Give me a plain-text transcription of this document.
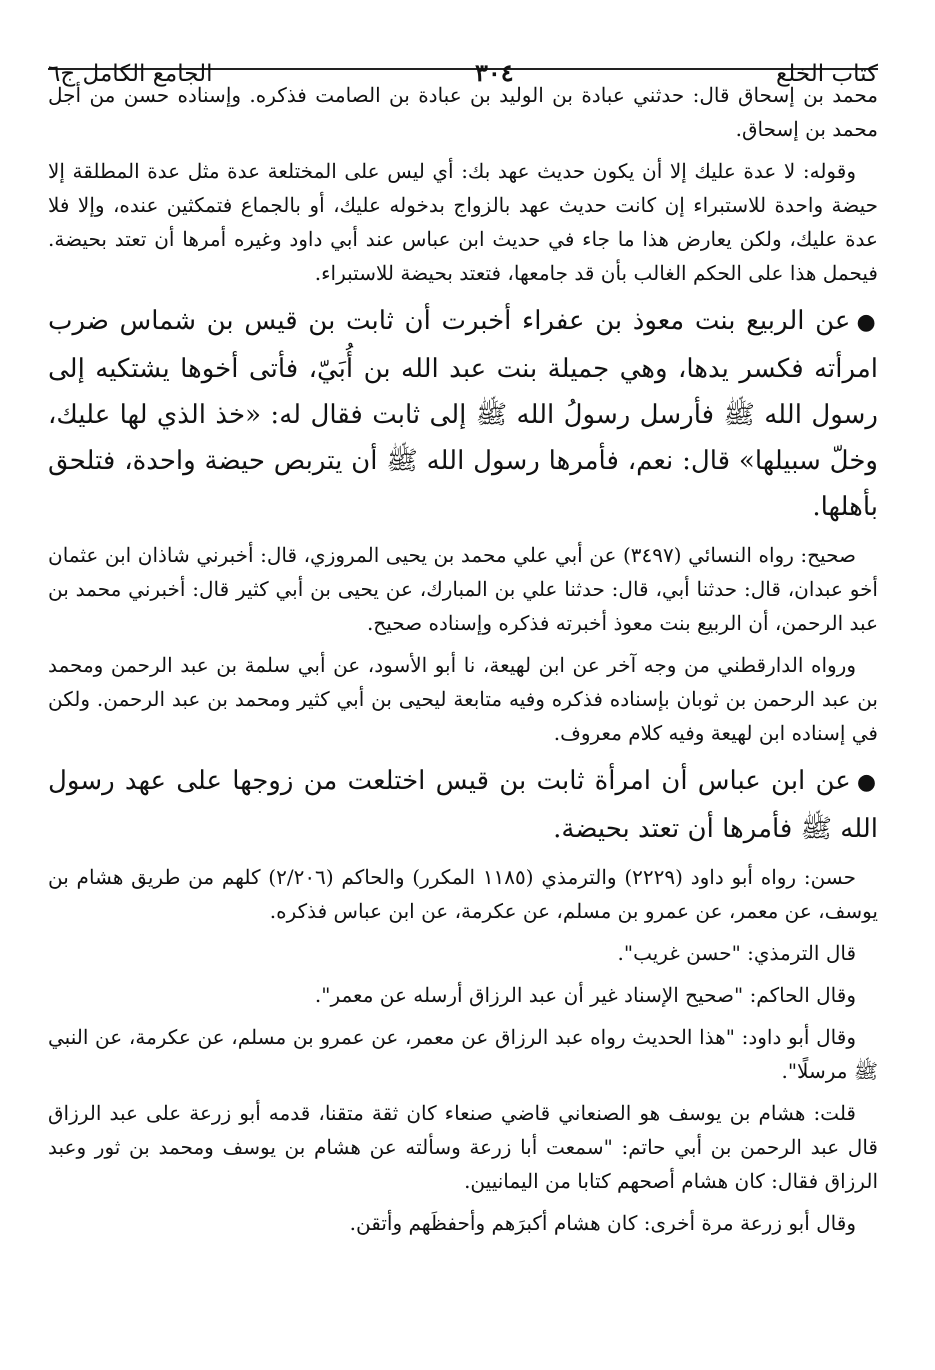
كتاب الخلع
٣٠٤
الجامع الكامل ج٦

محمد بن إسحاق قال: حدثني عبادة بن الوليد بن عبادة بن الصامت فذكره. وإسناده حسن من أجل محمد بن إسحاق.

وقوله: لا عدة عليك إلا أن يكون حديث عهد بك: أي ليس على المختلعة عدة مثل عدة المطلقة إلا حيضة واحدة للاستبراء إن كانت حديث عهد بالزواج بدخوله عليك، أو بالجماع فتمكثين عنده، وإلا فلا عدة عليك، ولكن يعارض هذا ما جاء في حديث ابن عباس عند أبي داود وغيره أمرها أن تعتد بحيضة. فيحمل هذا على الحكم الغالب بأن قد جامعها، فتعتد بحيضة للاستبراء.

●عن الربيع بنت معوذ بن عفراء أخبرت أن ثابت بن قيس بن شماس ضرب امرأته فكسر يدها، وهي جميلة بنت عبد الله بن أُبَيّ، فأتى أخوها يشتكيه إلى رسول الله ﷺ فأرسل رسولُ الله ﷺ إلى ثابت فقال له: «خذ الذي لها عليك، وخلّ سبيلها» قال: نعم، فأمرها رسول الله ﷺ أن يتربص حيضة واحدة، فتلحق بأهلها.

صحيح: رواه النسائي (٣٤٩٧) عن أبي علي محمد بن يحيى المروزي، قال: أخبرني شاذان ابن عثمان أخو عبدان، قال: حدثنا أبي، قال: حدثنا علي بن المبارك، عن يحيى بن أبي كثير قال: أخبرني محمد بن عبد الرحمن، أن الربيع بنت معوذ أخبرته فذكره وإسناده صحيح.

ورواه الدارقطني من وجه آخر عن ابن لهيعة، نا أبو الأسود، عن أبي سلمة بن عبد الرحمن ومحمد بن عبد الرحمن بن ثوبان بإسناده فذكره وفيه متابعة ليحيى بن أبي كثير ومحمد بن عبد الرحمن. ولكن في إسناده ابن لهيعة وفيه كلام معروف.

●عن ابن عباس أن امرأة ثابت بن قيس اختلعت من زوجها على عهد رسول الله ﷺ فأمرها أن تعتد بحيضة.

حسن: رواه أبو داود (٢٢٢٩) والترمذي (١١٨٥ المكرر) والحاكم (٢/٢٠٦) كلهم من طريق هشام بن يوسف، عن معمر، عن عمرو بن مسلم، عن عكرمة، عن ابن عباس فذكره.

قال الترمذي: "حسن غريب".

وقال الحاكم: "صحيح الإسناد غير أن عبد الرزاق أرسله عن معمر".

وقال أبو داود: "هذا الحديث رواه عبد الرزاق عن معمر، عن عمرو بن مسلم، عن عكرمة، عن النبي ﷺ مرسلًا".

قلت: هشام بن يوسف هو الصنعاني قاضي صنعاء كان ثقة متقنا، قدمه أبو زرعة على عبد الرزاق قال عبد الرحمن بن أبي حاتم: "سمعت أبا زرعة وسألته عن هشام بن يوسف ومحمد بن ثور وعبد الرزاق فقال: كان هشام أصحهم كتابا من اليمانيين.

وقال أبو زرعة مرة أخرى: كان هشام أكبرَهم وأحفظَهم وأتقن.
